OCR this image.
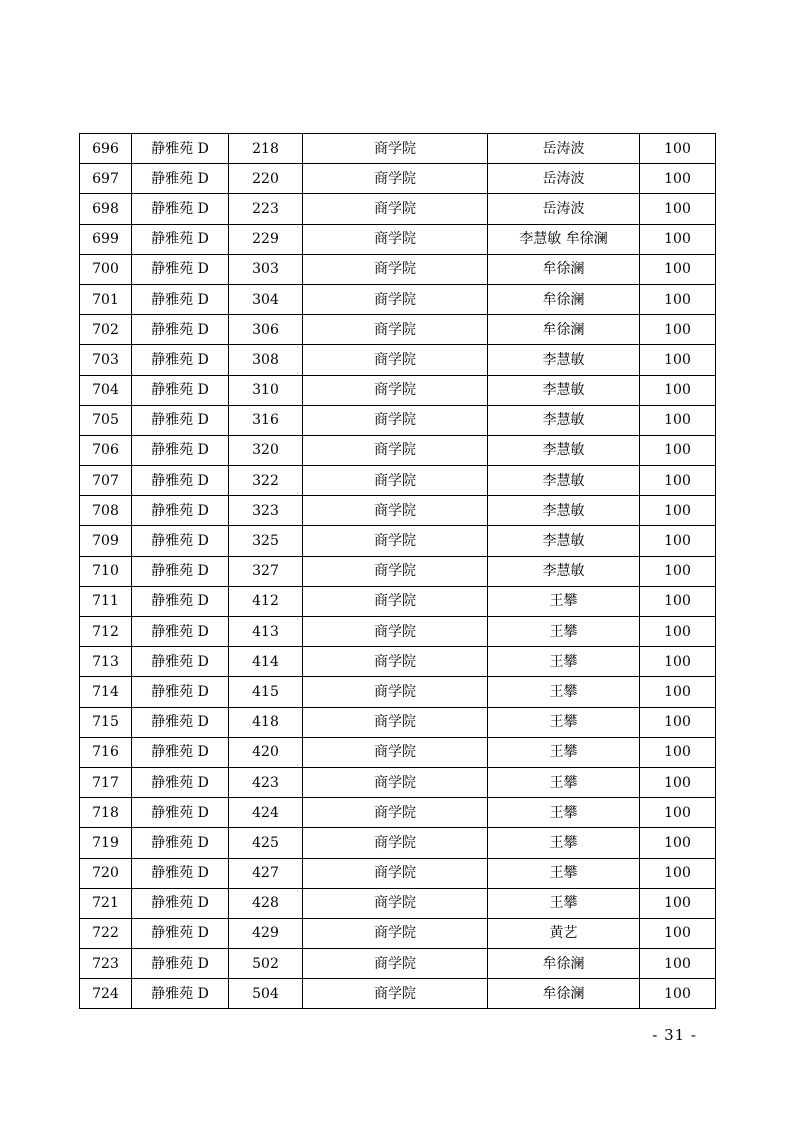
696	静雅苑 D	218	商学院	岳涛波	100
697	静雅苑 D	220	商学院	岳涛波	100
698	静雅苑 D	223	商学院	岳涛波	100
699	静雅苑 D	229	商学院	李慧敏 牟徐澜	100
700	静雅苑 D	303	商学院	牟徐澜	100
701	静雅苑 D	304	商学院	牟徐澜	100
702	静雅苑 D	306	商学院	牟徐澜	100
703	静雅苑 D	308	商学院	李慧敏	100
704	静雅苑 D	310	商学院	李慧敏	100
705	静雅苑 D	316	商学院	李慧敏	100
706	静雅苑 D	320	商学院	李慧敏	100
707	静雅苑 D	322	商学院	李慧敏	100
708	静雅苑 D	323	商学院	李慧敏	100
709	静雅苑 D	325	商学院	李慧敏	100
710	静雅苑 D	327	商学院	李慧敏	100
711	静雅苑 D	412	商学院	王攀	100
712	静雅苑 D	413	商学院	王攀	100
713	静雅苑 D	414	商学院	王攀	100
714	静雅苑 D	415	商学院	王攀	100
715	静雅苑 D	418	商学院	王攀	100
716	静雅苑 D	420	商学院	王攀	100
717	静雅苑 D	423	商学院	王攀	100
718	静雅苑 D	424	商学院	王攀	100
719	静雅苑 D	425	商学院	王攀	100
720	静雅苑 D	427	商学院	王攀	100
721	静雅苑 D	428	商学院	王攀	100
722	静雅苑 D	429	商学院	黄艺	100
723	静雅苑 D	502	商学院	牟徐澜	100
724	静雅苑 D	504	商学院	牟徐澜	100
- 31 -
